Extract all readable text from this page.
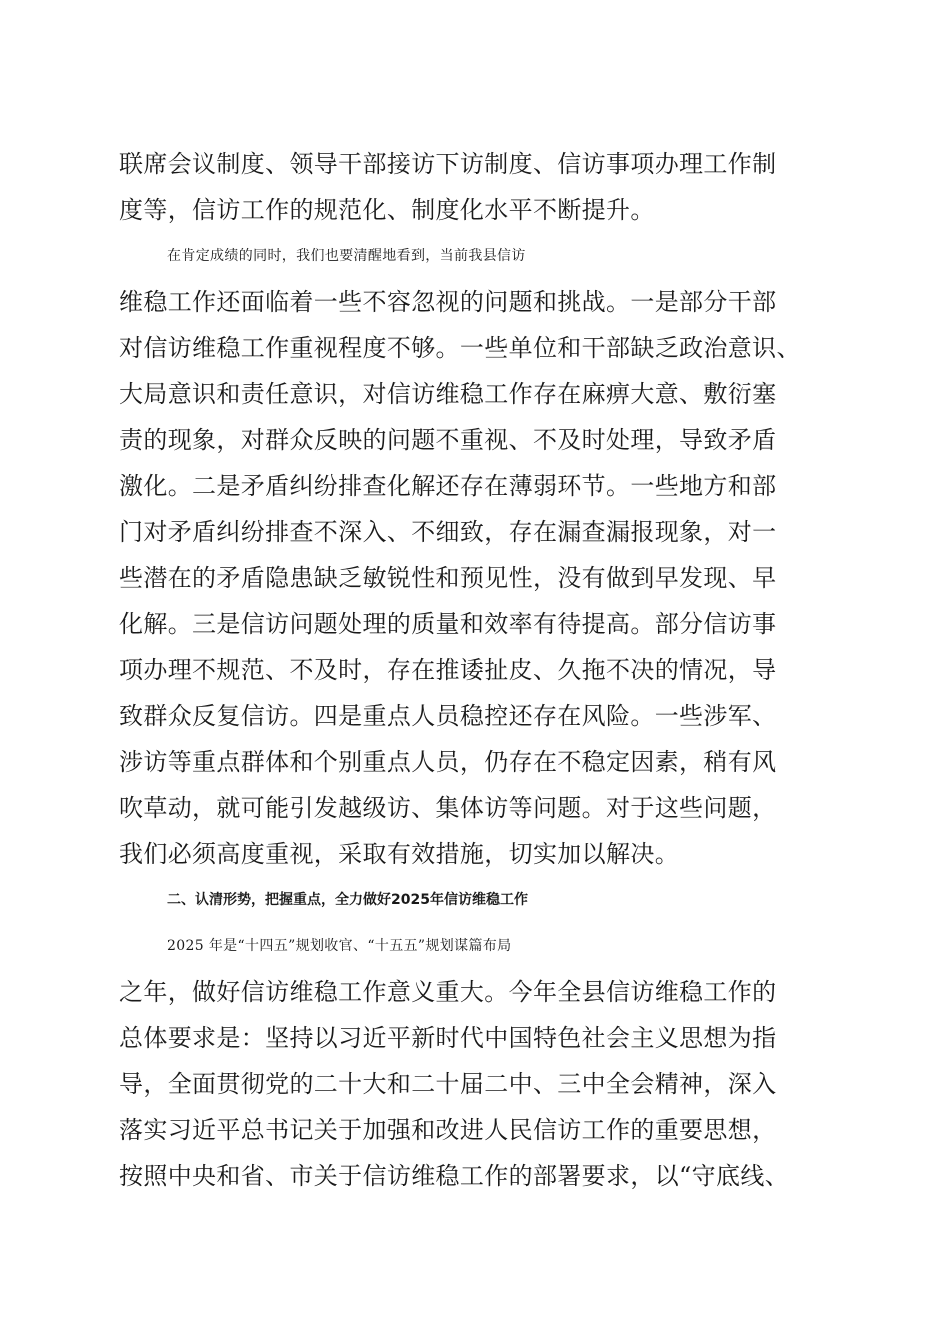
联席会议制度、领导干部接访下访制度、信访事项办理工作制
度等，信访工作的规范化、制度化水平不断提升。
在肯定成绩的同时，我们也要清醒地看到，当前我县信访
维稳工作还面临着一些不容忽视的问题和挑战。一是部分干部
对信访维稳工作重视程度不够。一些单位和干部缺乏政治意识、
大局意识和责任意识，对信访维稳工作存在麻痹大意、敷衍塞
责的现象，对群众反映的问题不重视、不及时处理，导致矛盾
激化。二是矛盾纠纷排查化解还存在薄弱环节。一些地方和部
门对矛盾纠纷排查不深入、不细致，存在漏查漏报现象，对一
些潜在的矛盾隐患缺乏敏锐性和预见性，没有做到早发现、早
化解。三是信访问题处理的质量和效率有待提高。部分信访事
项办理不规范、不及时，存在推诿扯皮、久拖不决的情况，导
致群众反复信访。四是重点人员稳控还存在风险。一些涉军、
涉访等重点群体和个别重点人员，仍存在不稳定因素，稍有风
吹草动，就可能引发越级访、集体访等问题。对于这些问题，
我们必须高度重视，采取有效措施，切实加以解决。
二、认清形势，把握重点，全力做好2025年信访维稳工作
2025 年是“十四五”规划收官、“十五五”规划谋篇布局
之年，做好信访维稳工作意义重大。今年全县信访维稳工作的
总体要求是：坚持以习近平新时代中国特色社会主义思想为指
导，全面贯彻党的二十大和二十届二中、三中全会精神，深入
落实习近平总书记关于加强和改进人民信访工作的重要思想，
按照中央和省、市关于信访维稳工作的部署要求，以“守底线、
